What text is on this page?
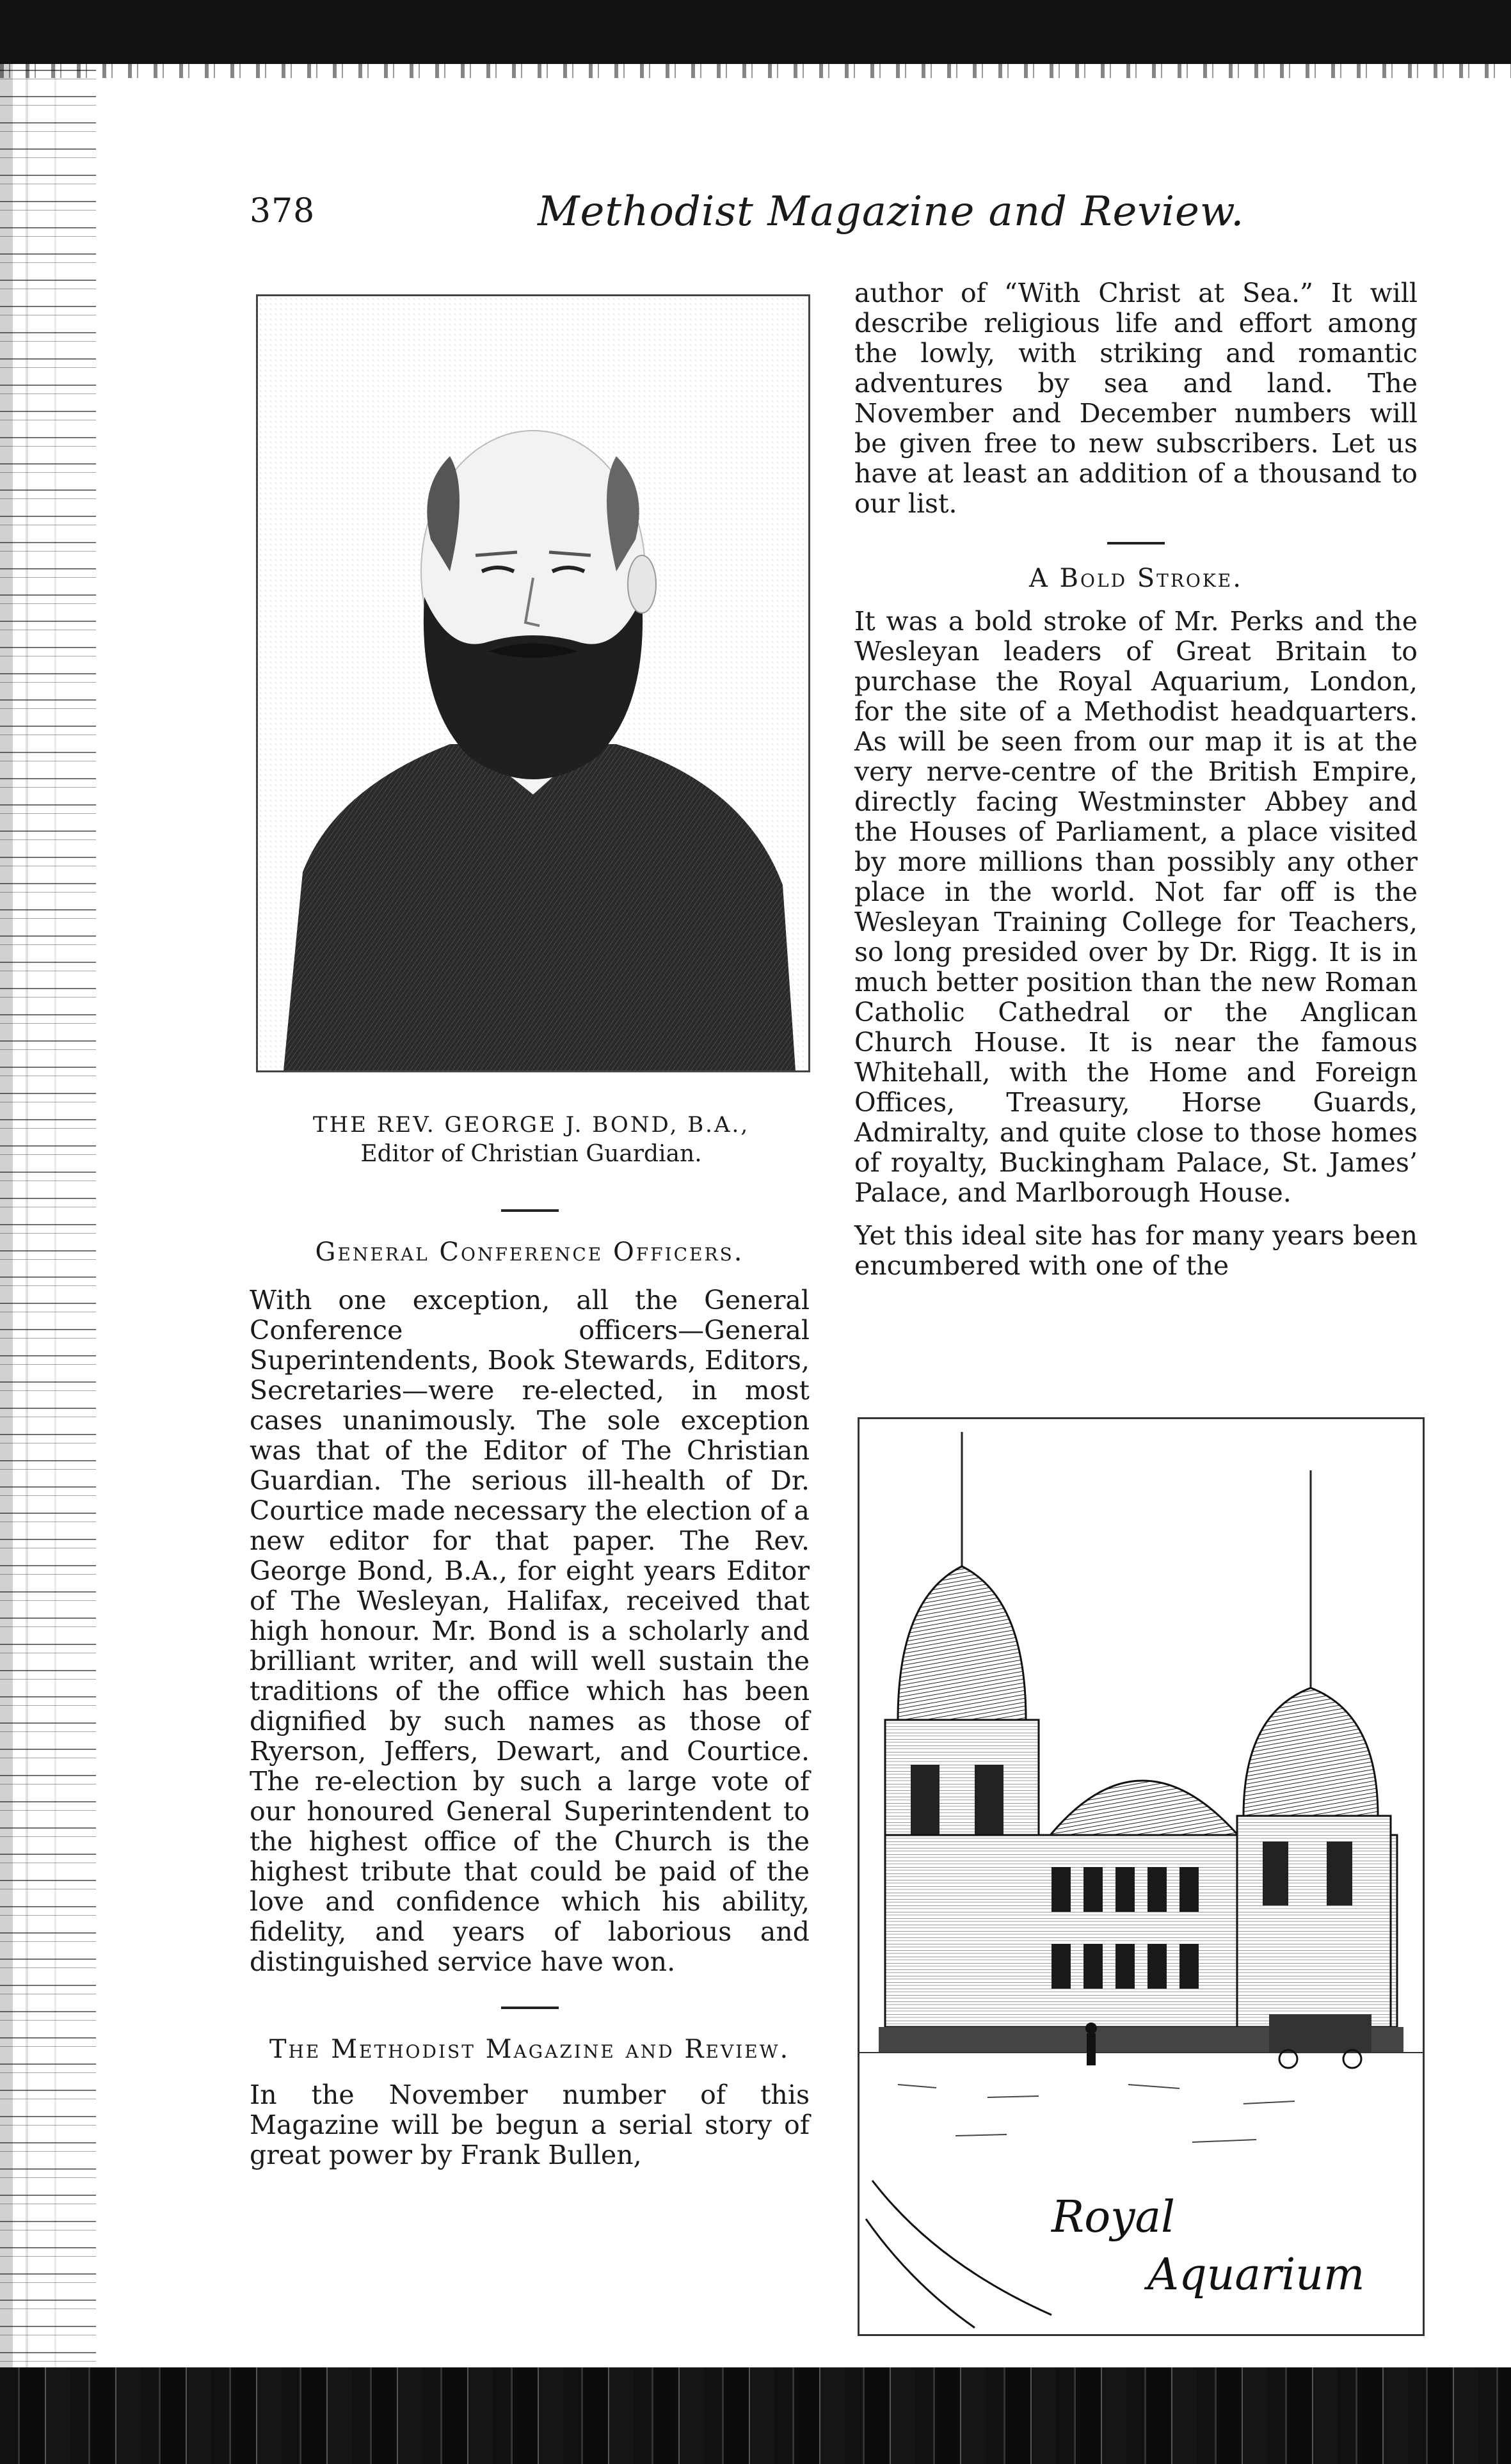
378	Methodist Magazine and Review.
THE REV. GEORGE J. BOND, B.A.,
Editor of Christian Guardian.
General Conference Officers.

With one exception, all the General Conference officers—General Superintendents, Book Stewards, Editors, Secretaries—were re-elected, in most cases unanimously. The sole exception was that of the Editor of The Christian Guardian. The serious ill-health of Dr. Courtice made necessary the election of a new editor for that paper. The Rev. George Bond, B.A., for eight years Editor of The Wesleyan, Halifax, received that high honour. Mr. Bond is a scholarly and brilliant writer, and will well sustain the traditions of the office which has been dignified by such names as those of Ryerson, Jeffers, Dewart, and Courtice. The re-election by such a large vote of our honoured General Superintendent to the highest office of the Church is the highest tribute that could be paid of the love and confidence which his ability, fidelity, and years of laborious and distinguished service have won.

The Methodist Magazine and Review.

In the November number of this Magazine will be begun a serial story of great power by Frank Bullen,

author of “With Christ at Sea.” It will describe religious life and effort among the lowly, with striking and romantic adventures by sea and land. The November and December numbers will be given free to new subscribers. Let us have at least an addition of a thousand to our list.

A Bold Stroke.

It was a bold stroke of Mr. Perks and the Wesleyan leaders of Great Britain to purchase the Royal Aquarium, London, for the site of a Methodist headquarters. As will be seen from our map it is at the very nerve-centre of the British Empire, directly facing Westminster Abbey and the Houses of Parliament, a place visited by more millions than possibly any other place in the world. Not far off is the Wesleyan Training College for Teachers, so long presided over by Dr. Rigg. It is in much better position than the new Roman Catholic Cathedral or the Anglican Church House. It is near the famous Whitehall, with the Home and Foreign Offices, Treasury, Horse Guards, Admiralty, and quite close to those homes of royalty, Buckingham Palace, St. James’ Palace, and Marlborough House.

Yet this ideal site has for many years been encumbered with one of the

Royal
Aquarium
